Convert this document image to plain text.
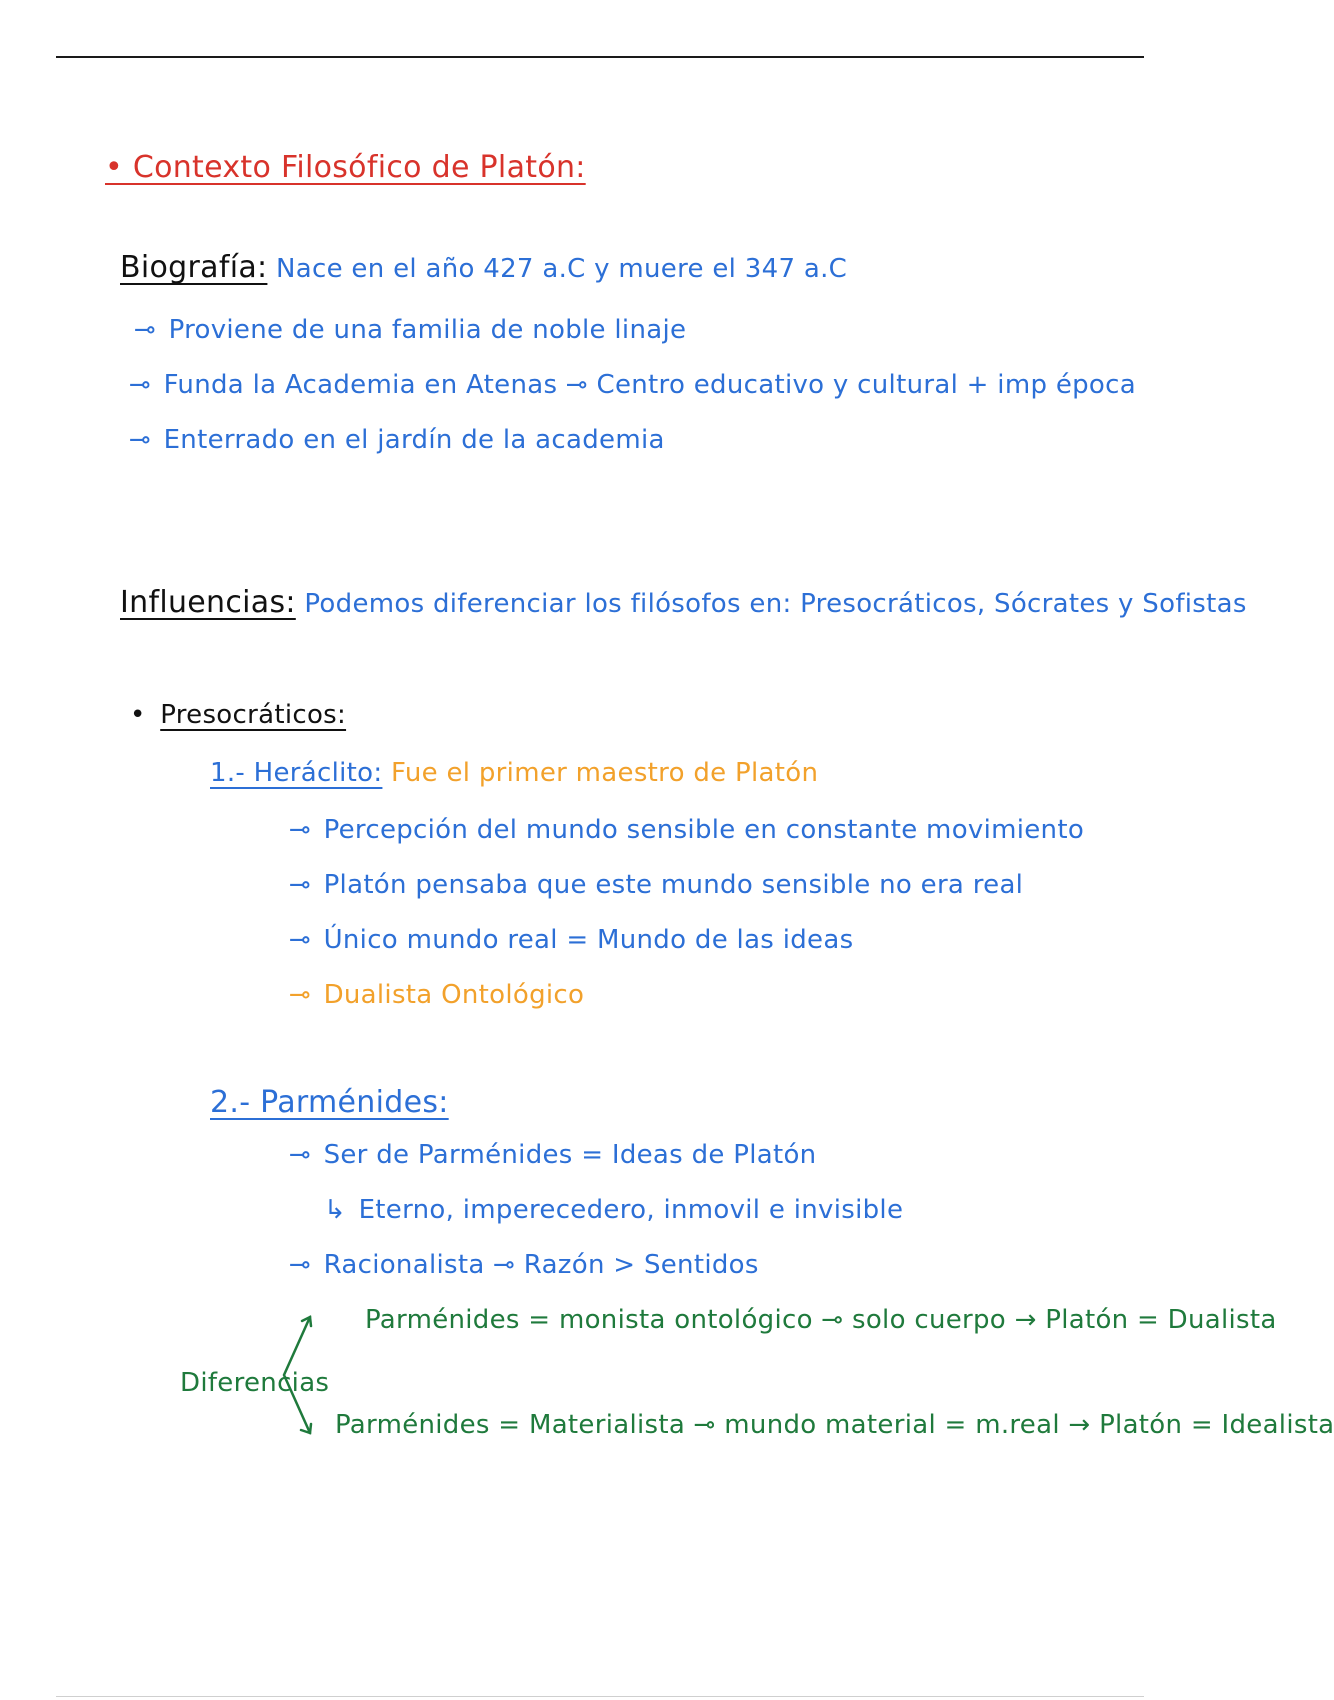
• Contexto Filosófico de Platón:
Biografía: Nace en el año 427 a.C y muere el 347 a.C
⊸ Proviene de una familia de noble linaje
⊸ Funda la Academia en Atenas ⊸ Centro educativo y cultural + imp época
⊸ Enterrado en el jardín de la academia
Influencias: Podemos diferenciar los filósofos en: Presocráticos, Sócrates y Sofistas
• Presocráticos:
1.- Heráclito: Fue el primer maestro de Platón
⊸ Percepción del mundo sensible en constante movimiento
⊸ Platón pensaba que este mundo sensible no era real
⊸ Único mundo real = Mundo de las ideas
⊸ Dualista Ontológico
2.- Parménides:
⊸ Ser de Parménides = Ideas de Platón
↳ Eterno, imperecedero, inmovil e invisible
⊸ Racionalista ⊸ Razón > Sentidos
Parménides = monista ontológico ⊸ solo cuerpo → Platón = Dualista
Diferencias
Parménides = Materialista ⊸ mundo material = m.real → Platón = Idealista
